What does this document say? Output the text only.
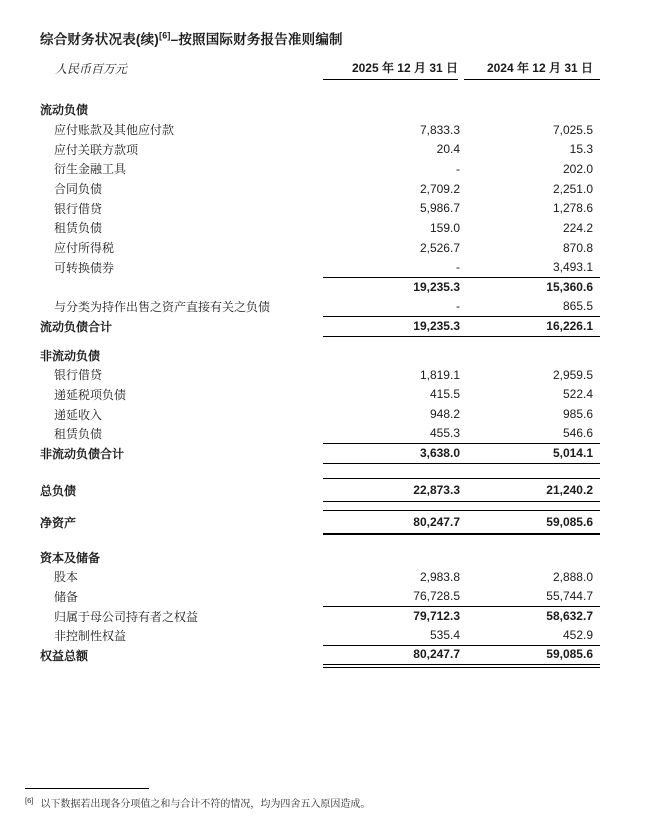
综合财务状况表(续)[6]–按照国际财务报告准则编制
人民币百万元	2025 年 12 月 31 日	2024 年 12 月 31 日
流动负债
应付账款及其他应付款	7,833.3	7,025.5
应付关联方款项	20.4	15.3
衍生金融工具	-	202.0
合同负债	2,709.2	2,251.0
银行借贷	5,986.7	1,278.6
租赁负债	159.0	224.2
应付所得税	2,526.7	870.8
可转换债券	-	3,493.1
19,235.3	15,360.6
与分类为持作出售之资产直接有关之负债	-	865.5
流动负债合计	19,235.3	16,226.1
非流动负债
银行借贷	1,819.1	2,959.5
递延税项负债	415.5	522.4
递延收入	948.2	985.6
租赁负债	455.3	546.6
非流动负债合计	3,638.0	5,014.1
总负债	22,873.3	21,240.2
净资产	80,247.7	59,085.6
资本及储备
股本	2,983.8	2,888.0
储备	76,728.5	55,744.7
归属于母公司持有者之权益	79,712.3	58,632.7
非控制性权益	535.4	452.9
权益总额	80,247.7	59,085.6
[6] 以下数据若出现各分项值之和与合计不符的情况，均为四舍五入原因造成。
